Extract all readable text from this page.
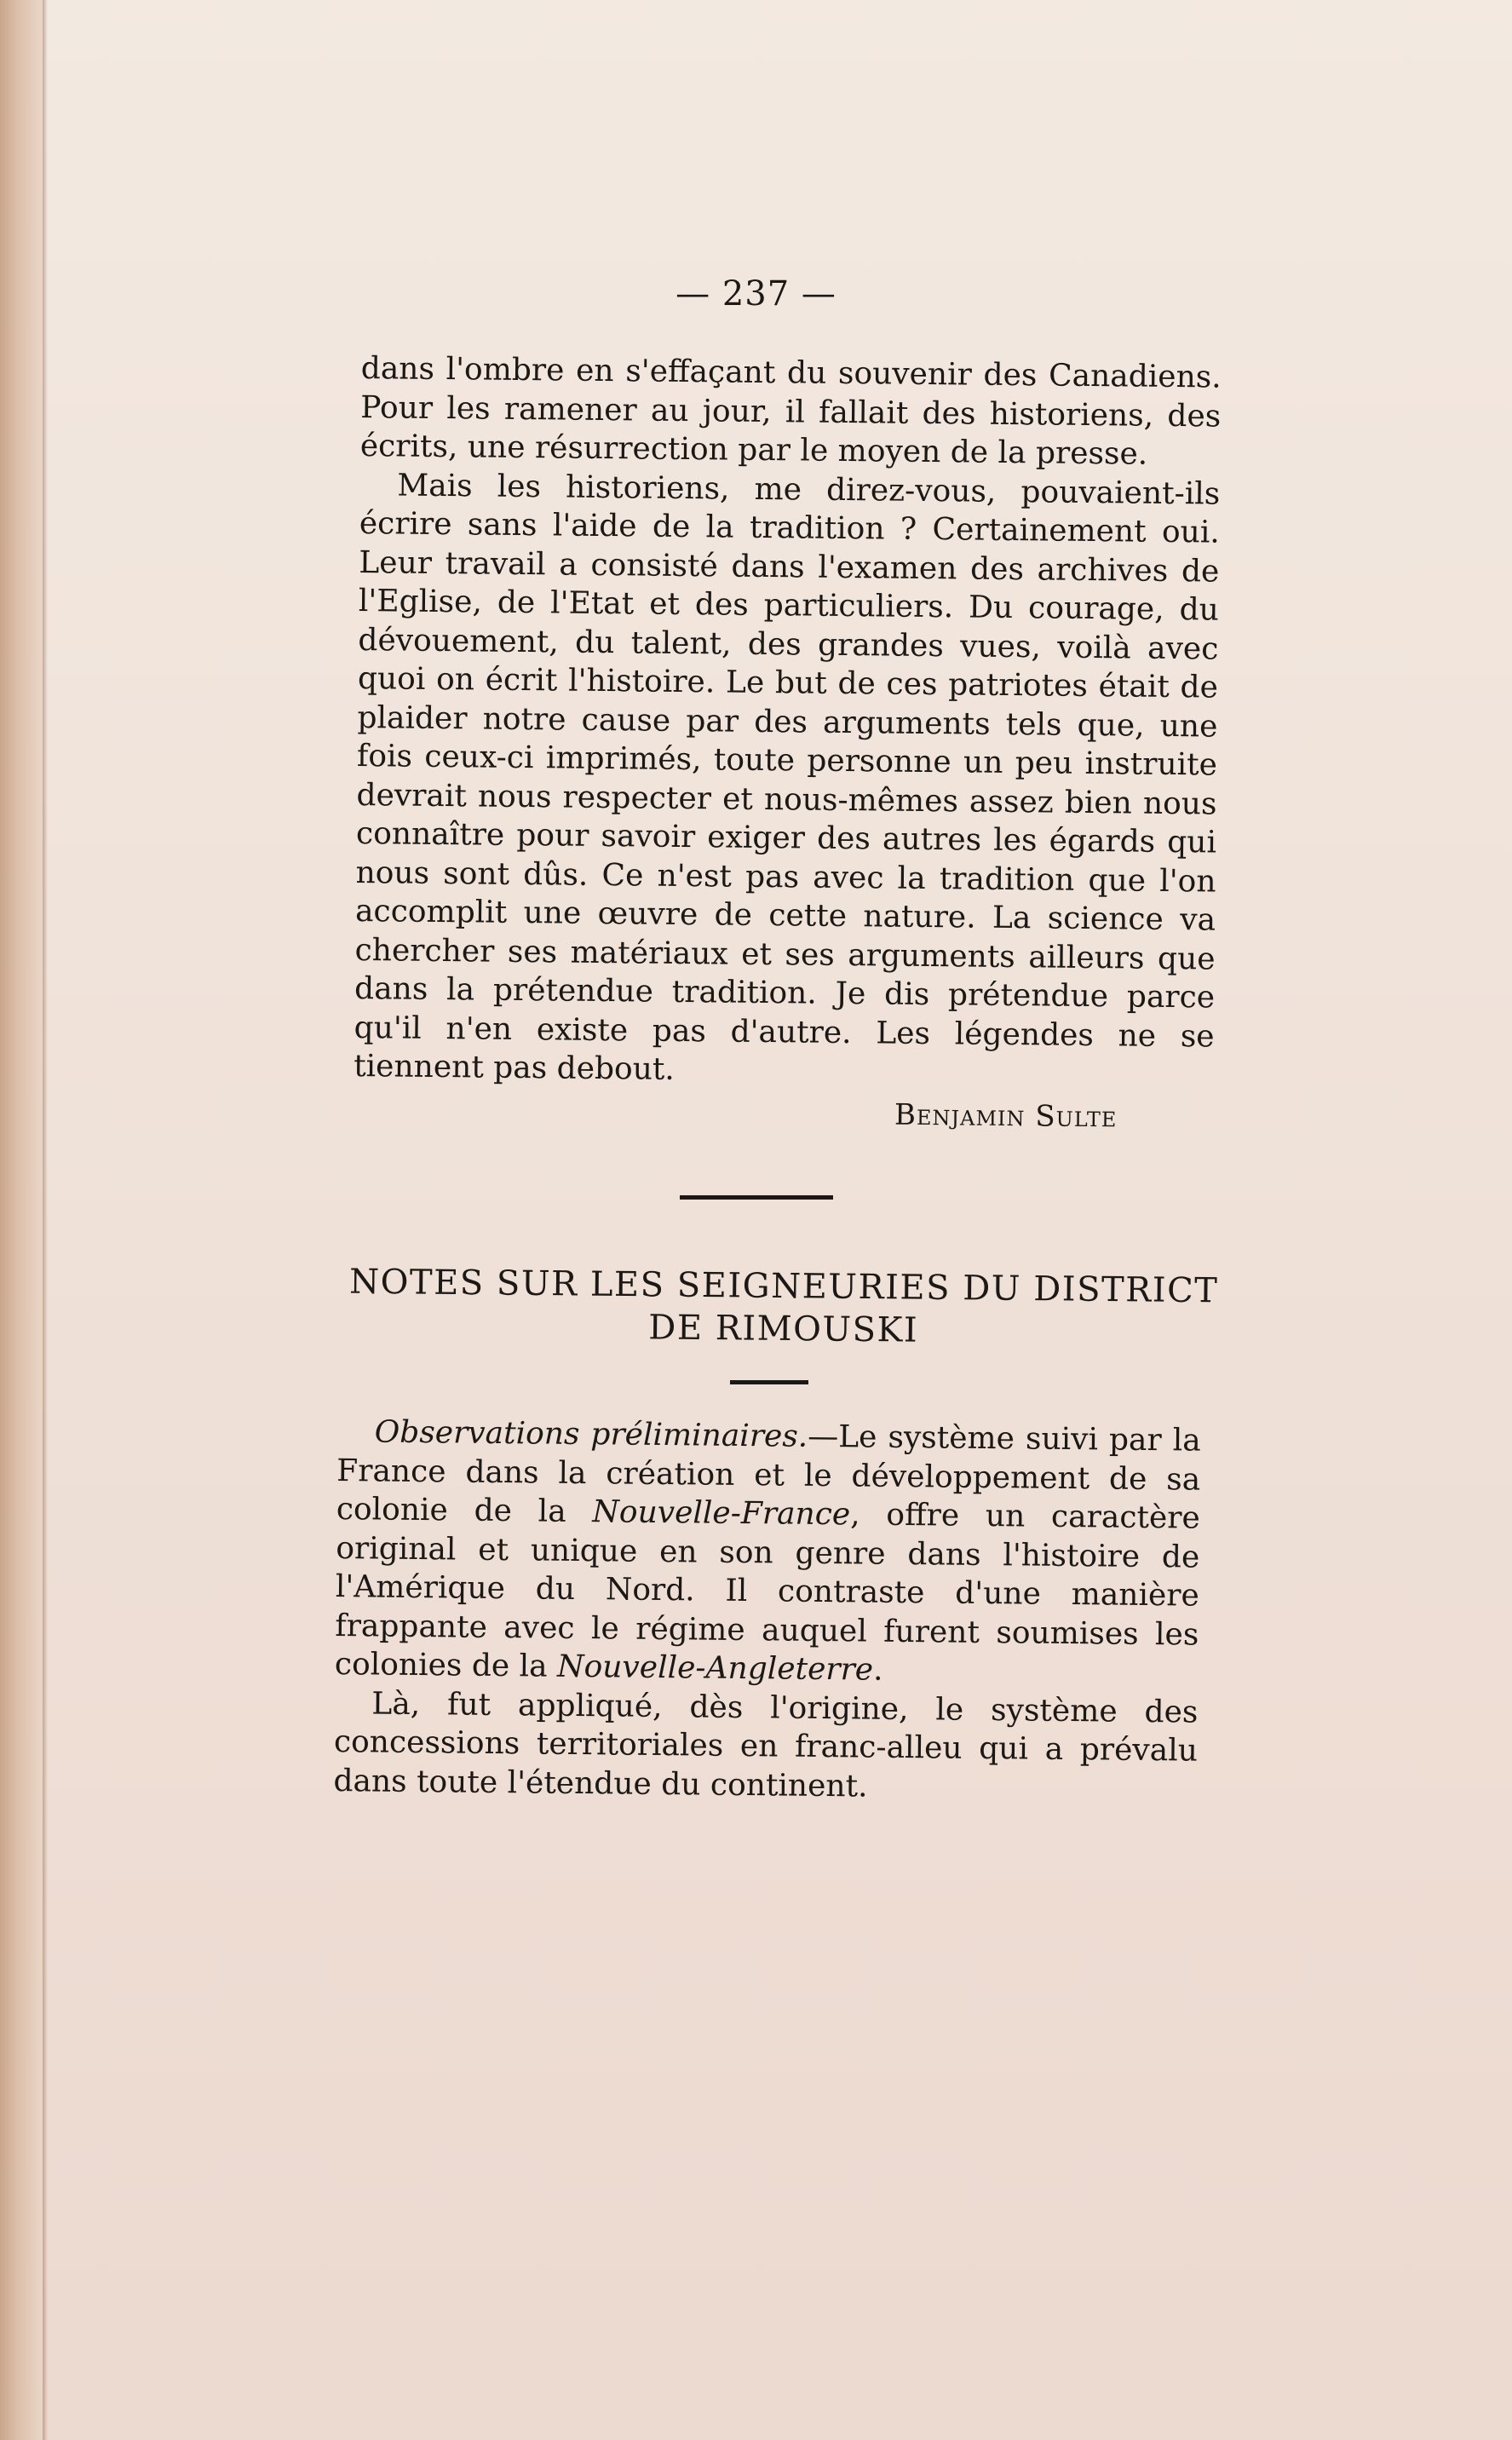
— 237 —

dans l'ombre en s'effaçant du souvenir des Canadiens. Pour les ramener au jour, il fallait des historiens, des écrits, une résurrection par le moyen de la presse.

Mais les historiens, me direz-vous, pouvaient-ils écrire sans l'aide de la tradition ? Certainement oui. Leur travail a consisté dans l'examen des archives de l'Eglise, de l'Etat et des particuliers. Du courage, du dévouement, du talent, des grandes vues, voilà avec quoi on écrit l'histoire. Le but de ces patriotes était de plaider notre cause par des arguments tels que, une fois ceux-ci imprimés, toute personne un peu instruite devrait nous respecter et nous-mêmes assez bien nous connaître pour savoir exiger des autres les égards qui nous sont dûs. Ce n'est pas avec la tradition que l'on accomplit une œuvre de cette nature. La science va chercher ses matériaux et ses arguments ailleurs que dans la prétendue tradition. Je dis prétendue parce qu'il n'en existe pas d'autre. Les légendes ne se tiennent pas debout.

Benjamin Sulte
NOTES SUR LES SEIGNEURIES DU DISTRICT
DE RIMOUSKI

Observations préliminaires.—Le système suivi par la France dans la création et le développement de sa colonie de la Nouvelle-France, offre un caractère original et unique en son genre dans l'histoire de l'Amérique du Nord. Il contraste d'une manière frappante avec le régime auquel furent soumises les colonies de la Nouvelle-Angleterre.

Là, fut appliqué, dès l'origine, le système des concessions territoriales en franc-alleu qui a prévalu dans toute l'étendue du continent.
